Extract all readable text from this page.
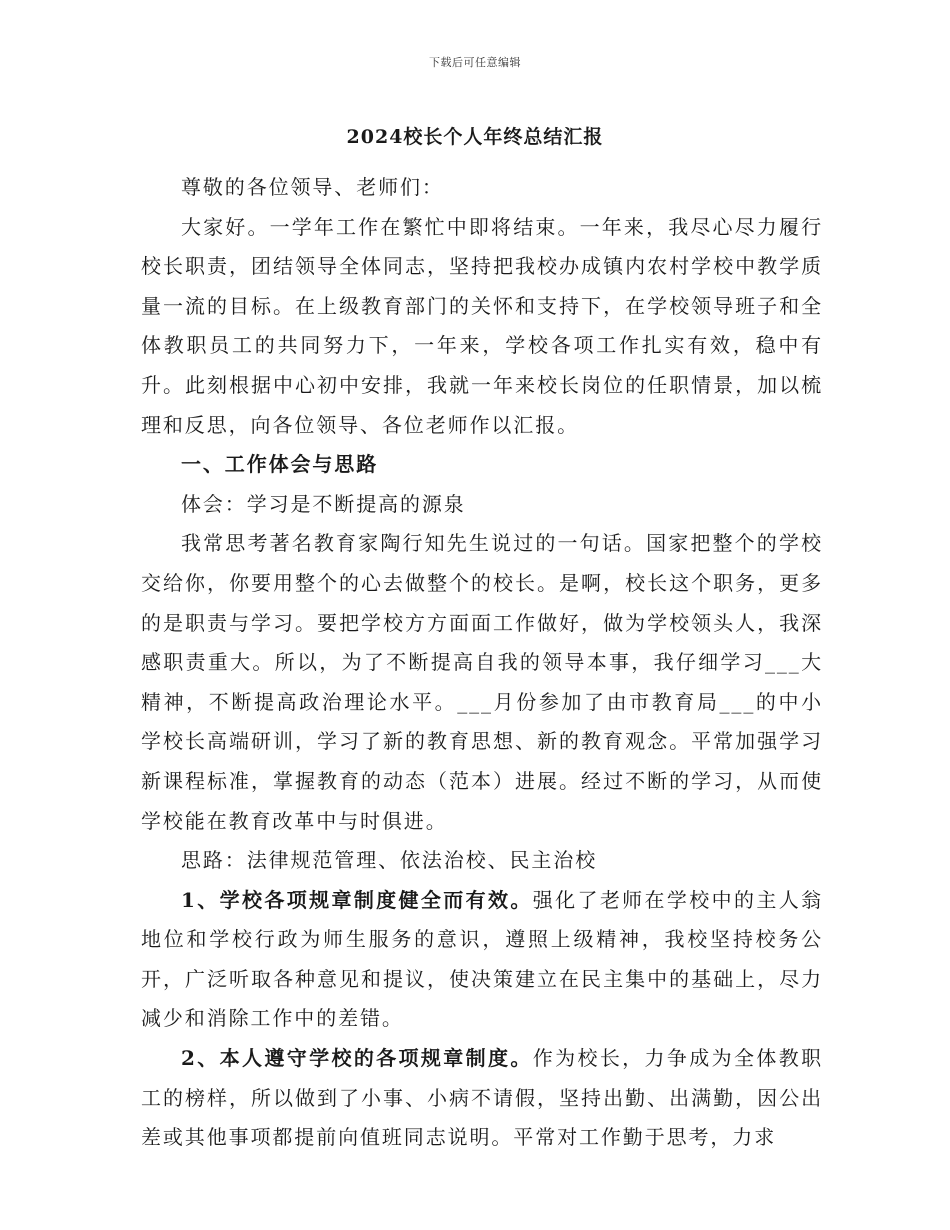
下载后可任意编辑
2024校长个人年终总结汇报

尊敬的各位领导、老师们：

大家好。一学年工作在繁忙中即将结束。一年来，我尽心尽力履行校长职责，团结领导全体同志，坚持把我校办成镇内农村学校中教学质量一流的目标。在上级教育部门的关怀和支持下，在学校领导班子和全体教职员工的共同努力下，一年来，学校各项工作扎实有效，稳中有升。此刻根据中心初中安排，我就一年来校长岗位的任职情景，加以梳理和反思，向各位领导、各位老师作以汇报。

一、工作体会与思路

体会：学习是不断提高的源泉

我常思考著名教育家陶行知先生说过的一句话。国家把整个的学校交给你，你要用整个的心去做整个的校长。是啊，校长这个职务，更多的是职责与学习。要把学校方方面面工作做好，做为学校领头人，我深感职责重大。所以，为了不断提高自我的领导本事，我仔细学习___大精神，不断提高政治理论水平。___月份参加了由市教育局___的中小学校长高端研训，学习了新的教育思想、新的教育观念。平常加强学习新课程标准，掌握教育的动态（范本）进展。经过不断的学习，从而使学校能在教育改革中与时俱进。

思路：法律规范管理、依法治校、民主治校

1、学校各项规章制度健全而有效。强化了老师在学校中的主人翁地位和学校行政为师生服务的意识，遵照上级精神，我校坚持校务公开，广泛听取各种意见和提议，使决策建立在民主集中的基础上，尽力减少和消除工作中的差错。

2、本人遵守学校的各项规章制度。作为校长，力争成为全体教职工的榜样，所以做到了小事、小病不请假，坚持出勤、出满勤，因公出差或其他事项都提前向值班同志说明。平常对工作勤于思考，力求
